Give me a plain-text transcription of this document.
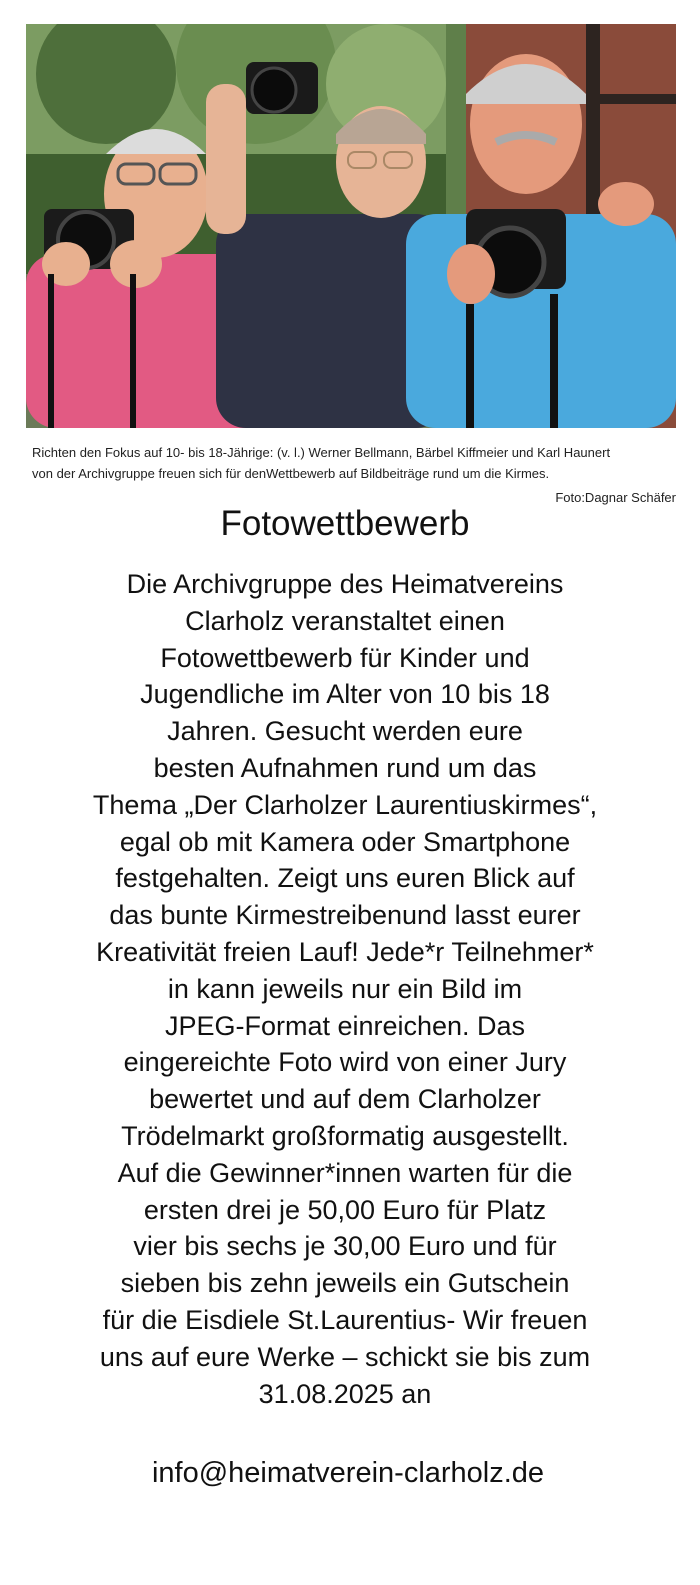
Richten den Fokus auf 10- bis 18-Jährige: (v. l.) Werner Bellmann, Bärbel Kiffmeier und Karl Haunert
von der Archivgruppe freuen sich für denWettbewerb auf Bildbeiträge rund um die Kirmes.
Foto:Dagnar Schäfer
Fotowettbewerb
Die Archivgruppe des Heimatvereins
Clarholz veranstaltet einen
Fotowettbewerb für Kinder und
Jugendliche im Alter von 10 bis 18
Jahren. Gesucht werden eure
besten Aufnahmen rund um das
Thema „Der Clarholzer Laurentiuskirmes“,
egal ob mit Kamera oder Smartphone
festgehalten. Zeigt uns euren Blick auf
das bunte Kirmestreibenund lasst eurer
Kreativität freien Lauf! Jede*r Teilnehmer*
in kann jeweils nur ein Bild im
JPEG-Format einreichen. Das
eingereichte Foto wird von einer Jury
bewertet und auf dem Clarholzer
Trödelmarkt großformatig ausgestellt.
Auf die Gewinner*innen warten für die
ersten drei je 50,00 Euro für Platz
vier bis sechs je 30,00 Euro und für
sieben bis zehn jeweils ein Gutschein
für die Eisdiele St.Laurentius- Wir freuen
uns auf eure Werke – schickt sie bis zum
31.08.2025 an
info@heimatverein-clarholz.de
